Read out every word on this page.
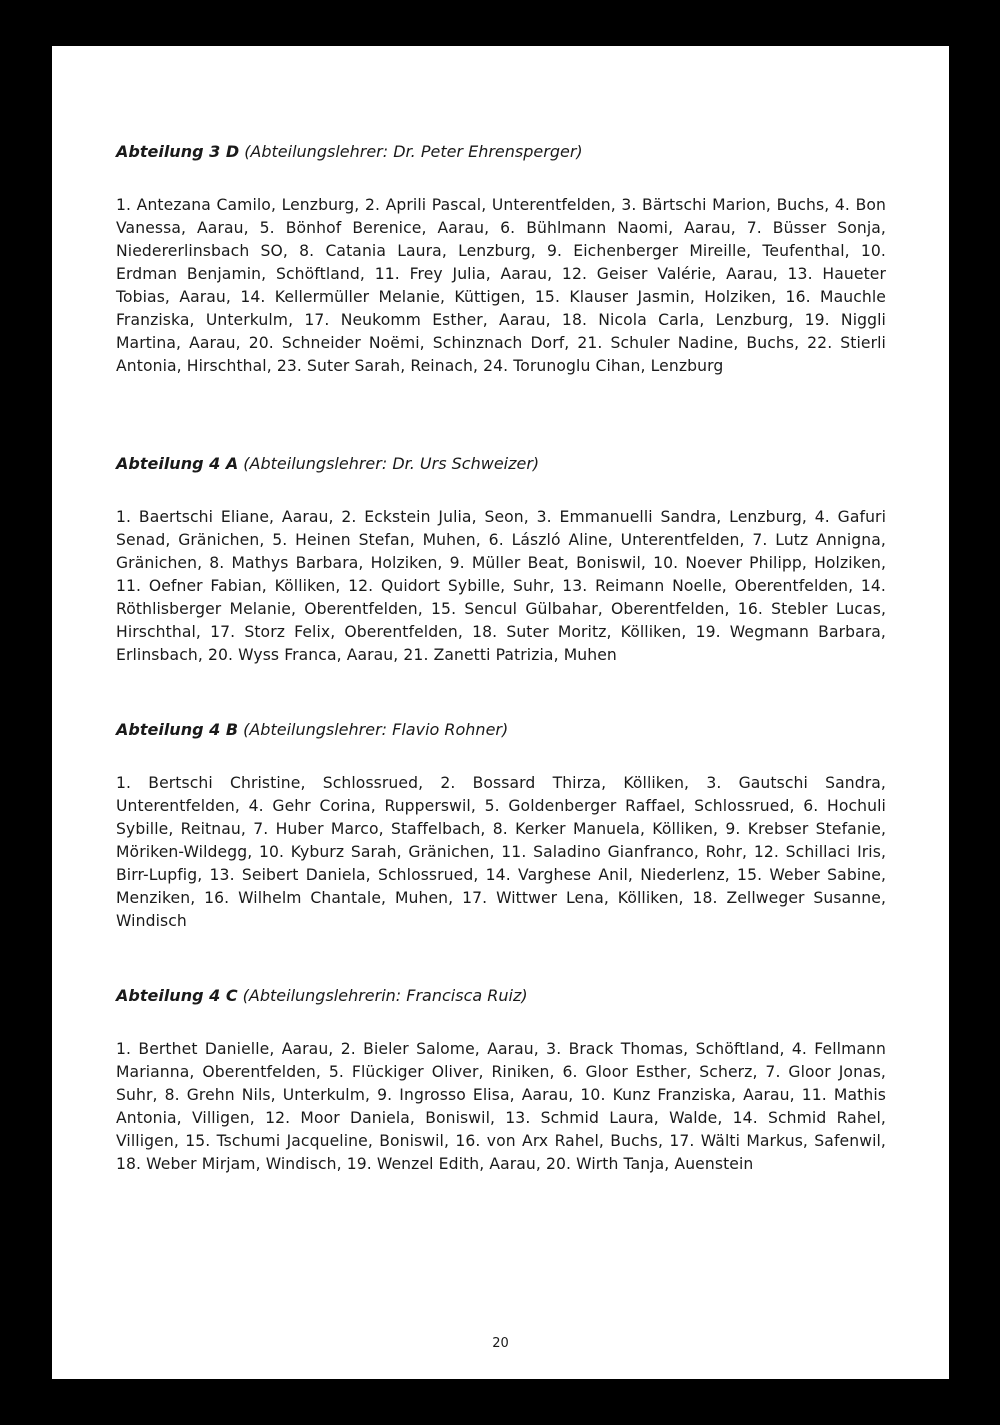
Abteilung 3 D (Abteilungslehrer: Dr. Peter Ehrensperger)

1. Antezana Camilo, Lenzburg, 2. Aprili Pascal, Unterentfelden, 3. Bärtschi Marion, Buchs, 4. Bon Vanessa, Aarau, 5. Bönhof Berenice, Aarau, 6. Bühlmann Naomi, Aarau, 7. Büsser Sonja, Niedererlinsbach SO, 8. Catania Laura, Lenzburg, 9. Eichenberger Mireille, Teufenthal, 10. Erdman Benjamin, Schöftland, 11. Frey Julia, Aarau, 12. Geiser Valérie, Aarau, 13. Haueter Tobias, Aarau, 14. Kellermüller Melanie, Küttigen, 15. Klauser Jasmin, Holziken, 16. Mauchle Franziska, Unterkulm, 17. Neukomm Esther, Aarau, 18. Nicola Carla, Lenzburg, 19. Niggli Martina, Aarau, 20. Schneider Noëmi, Schinznach Dorf, 21. Schuler Nadine, Buchs, 22. Stierli Antonia, Hirschthal, 23. Suter Sarah, Reinach, 24. Torunoglu Cihan, Lenzburg

Abteilung 4 A (Abteilungslehrer: Dr. Urs Schweizer)

1. Baertschi Eliane, Aarau, 2. Eckstein Julia, Seon, 3. Emmanuelli Sandra, Lenzburg, 4. Gafuri Senad, Gränichen, 5. Heinen Stefan, Muhen, 6. László Aline, Unterentfelden, 7. Lutz Annigna, Gränichen, 8. Mathys Barbara, Holziken, 9. Müller Beat, Boniswil, 10. Noever Philipp, Holziken, 11. Oefner Fabian, Kölliken, 12. Quidort Sybille, Suhr, 13. Reimann Noelle, Oberentfelden, 14. Röthlisberger Melanie, Oberentfelden, 15. Sencul Gülbahar, Oberentfelden, 16. Stebler Lucas, Hirschthal, 17. Storz Felix, Oberentfelden, 18. Suter Moritz, Kölliken, 19. Wegmann Barbara, Erlinsbach, 20. Wyss Franca, Aarau, 21. Zanetti Patrizia, Muhen

Abteilung 4 B (Abteilungslehrer: Flavio Rohner)

1. Bertschi Christine, Schlossrued, 2. Bossard Thirza, Kölliken, 3. Gautschi Sandra, Unterentfelden, 4. Gehr Corina, Rupperswil, 5. Goldenberger Raffael, Schlossrued, 6. Hochuli Sybille, Reitnau, 7. Huber Marco, Staffelbach, 8. Kerker Manuela, Kölliken, 9. Krebser Stefanie, Möriken-Wildegg, 10. Kyburz Sarah, Gränichen, 11. Saladino Gianfranco, Rohr, 12. Schillaci Iris, Birr-Lupfig, 13. Seibert Daniela, Schlossrued, 14. Varghese Anil, Niederlenz, 15. Weber Sabine, Menziken, 16. Wilhelm Chantale, Muhen, 17. Wittwer Lena, Kölliken, 18. Zellweger Susanne, Windisch

Abteilung 4 C (Abteilungslehrerin: Francisca Ruiz)

1. Berthet Danielle, Aarau, 2. Bieler Salome, Aarau, 3. Brack Thomas, Schöftland, 4. Fellmann Marianna, Oberentfelden, 5. Flückiger Oliver, Riniken, 6. Gloor Esther, Scherz, 7. Gloor Jonas, Suhr, 8. Grehn Nils, Unterkulm, 9. Ingrosso Elisa, Aarau, 10. Kunz Franziska, Aarau, 11. Mathis Antonia, Villigen, 12. Moor Daniela, Boniswil, 13. Schmid Laura, Walde, 14. Schmid Rahel, Villigen, 15. Tschumi Jacqueline, Boniswil, 16. von Arx Rahel, Buchs, 17. Wälti Markus, Safenwil, 18. Weber Mirjam, Windisch, 19. Wenzel Edith, Aarau, 20. Wirth Tanja, Auenstein

20
